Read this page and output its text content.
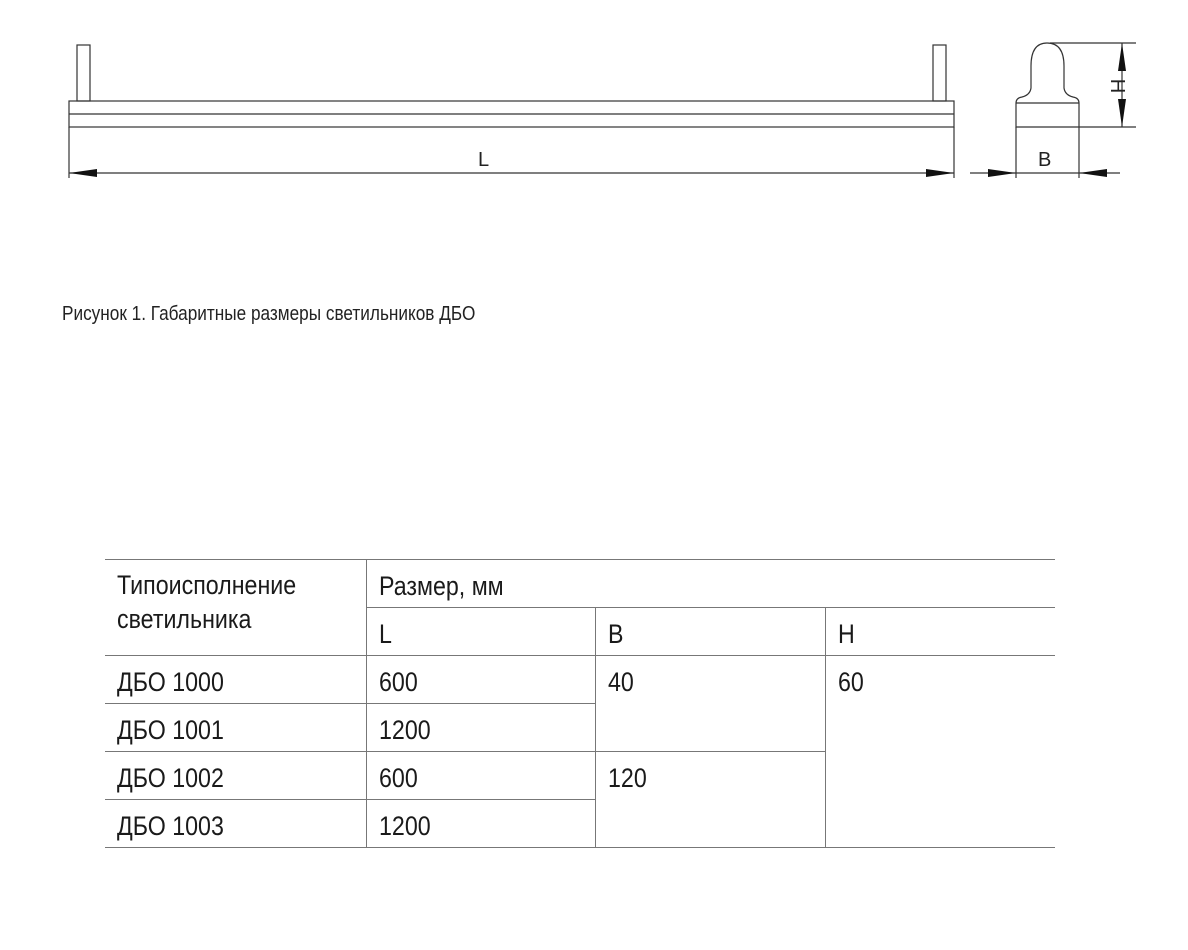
L	B
H
Рисунок 1. Габаритные размеры светильников ДБО
Типоисполнение светильника	Размер, мм		
	L	B	H
ДБО 1000	600	40	60
ДБО 1001	1200		
ДБО 1002	600	120	
ДБО 1003	1200		
